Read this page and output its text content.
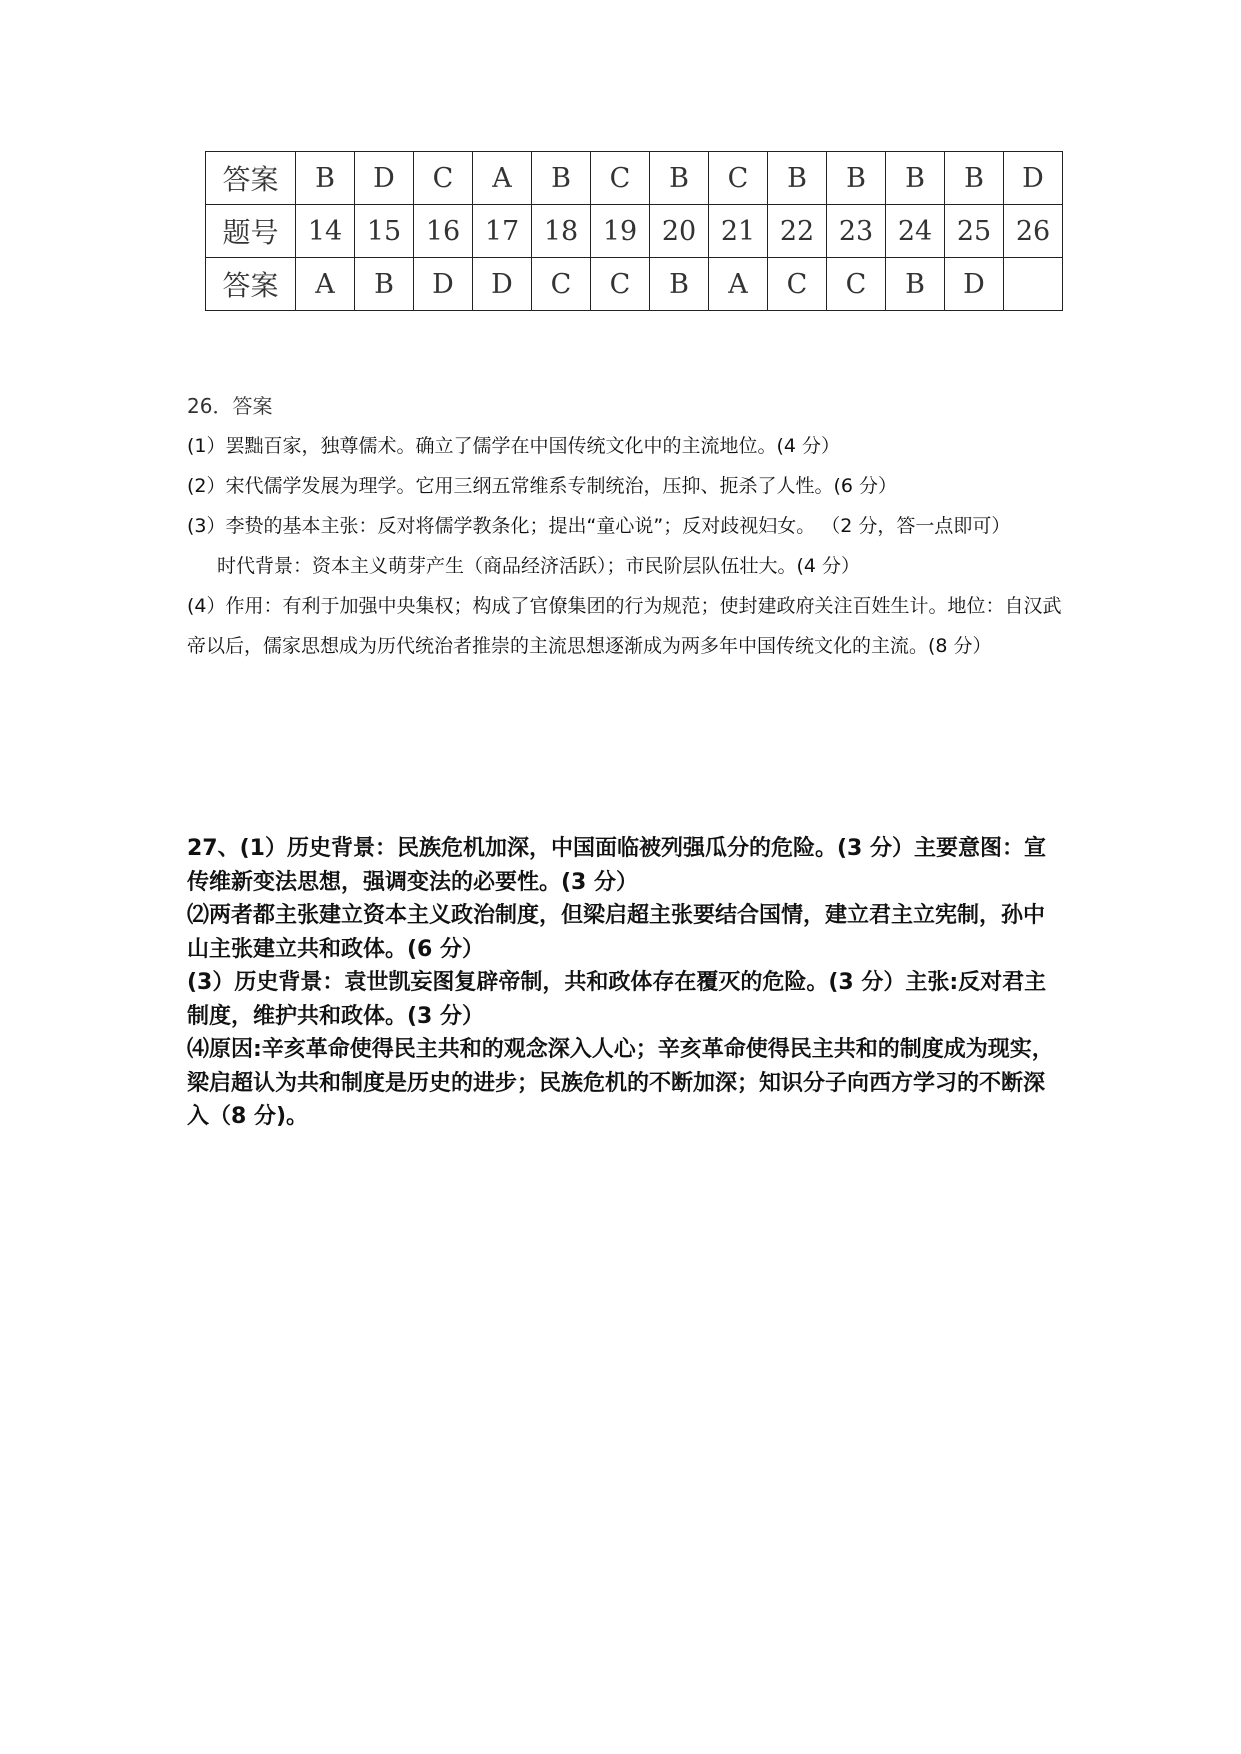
答案	B	D	C	A	B	C	B	C	B	B	B	B	D
题号	14	15	16	17	18	19	20	21	22	23	24	25	26
答案	A	B	D	D	C	C	B	A	C	C	B	D	
26．答案

(1）罢黜百家，独尊儒术。确立了儒学在中国传统文化中的主流地位。(4 分）

(2）宋代儒学发展为理学。它用三纲五常维系专制统治，压抑、扼杀了人性。(6 分）

(3）李贽的基本主张：反对将儒学教条化；提出“童心说”；反对歧视妇女。 （2 分，答一点即可）

时代背景：资本主义萌芽产生（商品经济活跃）；市民阶层队伍壮大。(4 分）

(4）作用：有利于加强中央集权；构成了官僚集团的行为规范；使封建政府关注百姓生计。地位：自汉武帝以后，儒家思想成为历代统治者推崇的主流思想逐渐成为两多年中国传统文化的主流。(8 分）

27、(1）历史背景：民族危机加深，中国面临被列强瓜分的危险。(3 分）主要意图：宣传维新变法思想，强调变法的必要性。(3 分）

⑵两者都主张建立资本主义政治制度，但梁启超主张要结合国情，建立君主立宪制，孙中山主张建立共和政体。(6 分）

(3）历史背景：袁世凯妄图复辟帝制，共和政体存在覆灭的危险。(3 分）主张:反对君主制度，维护共和政体。(3 分）

⑷原因:辛亥革命使得民主共和的观念深入人心；辛亥革命使得民主共和的制度成为现实，梁启超认为共和制度是历史的进步；民族危机的不断加深；知识分子向西方学习的不断深入（8 分)。
